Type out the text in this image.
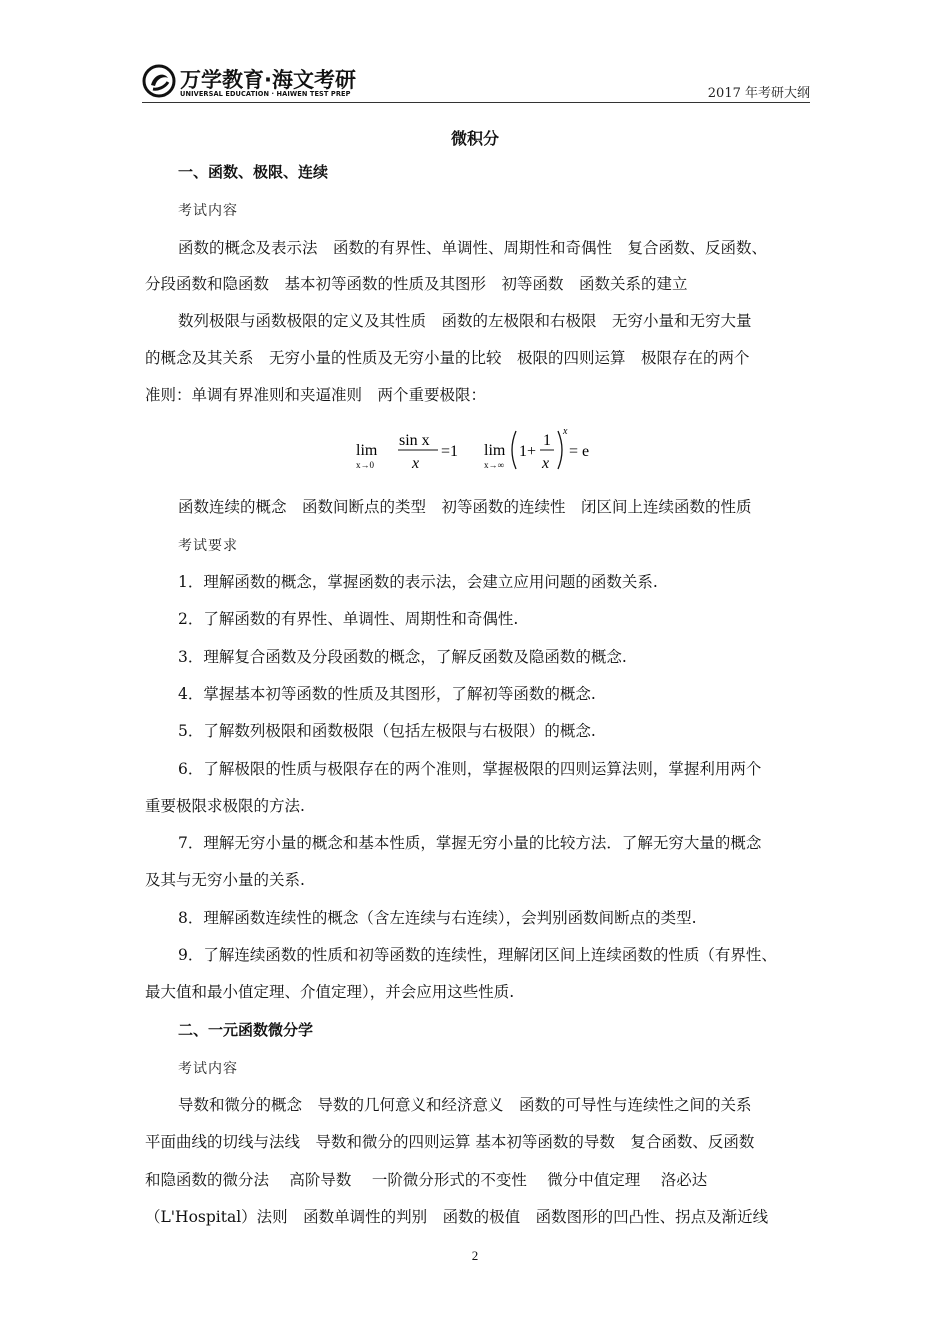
万学教育·海文考研
UNIVERSAL EDUCATION · HAIWEN TEST PREP	2017 年考研大纲
微积分
一、函数、极限、连续
考试内容
函数的概念及表示法　函数的有界性、单调性、周期性和奇偶性　复合函数、反函数、
分段函数和隐函数　基本初等函数的性质及其图形　初等函数　函数关系的建立
数列极限与函数极限的定义及其性质　函数的左极限和右极限　无穷小量和无穷大量
的概念及其关系　无穷小量的性质及无穷小量的比较　极限的四则运算　极限存在的两个
准则：单调有界准则和夹逼准则　两个重要极限：
lim
x→0
sin x
x
=1 lim
x→∞
1+
1
x
x
= e
函数连续的概念　函数间断点的类型　初等函数的连续性　闭区间上连续函数的性质
考试要求
1．理解函数的概念，掌握函数的表示法，会建立应用问题的函数关系.
2．了解函数的有界性、单调性、周期性和奇偶性.
3．理解复合函数及分段函数的概念，了解反函数及隐函数的概念.
4．掌握基本初等函数的性质及其图形，了解初等函数的概念.
5．了解数列极限和函数极限（包括左极限与右极限）的概念.
6．了解极限的性质与极限存在的两个准则，掌握极限的四则运算法则，掌握利用两个
重要极限求极限的方法.
7．理解无穷小量的概念和基本性质，掌握无穷小量的比较方法．了解无穷大量的概念
及其与无穷小量的关系.
8．理解函数连续性的概念（含左连续与右连续），会判别函数间断点的类型.
9．了解连续函数的性质和初等函数的连续性，理解闭区间上连续函数的性质（有界性、
最大值和最小值定理、介值定理），并会应用这些性质.
二、一元函数微分学
考试内容
导数和微分的概念　导数的几何意义和经济意义　函数的可导性与连续性之间的关系
平面曲线的切线与法线　导数和微分的四则运算 基本初等函数的导数　复合函数、反函数
和隐函数的微分法　 高阶导数 　一阶微分形式的不变性 　微分中值定理 　洛必达
（L'Hospital）法则　函数单调性的判别　函数的极值　函数图形的凹凸性、拐点及渐近线
2
